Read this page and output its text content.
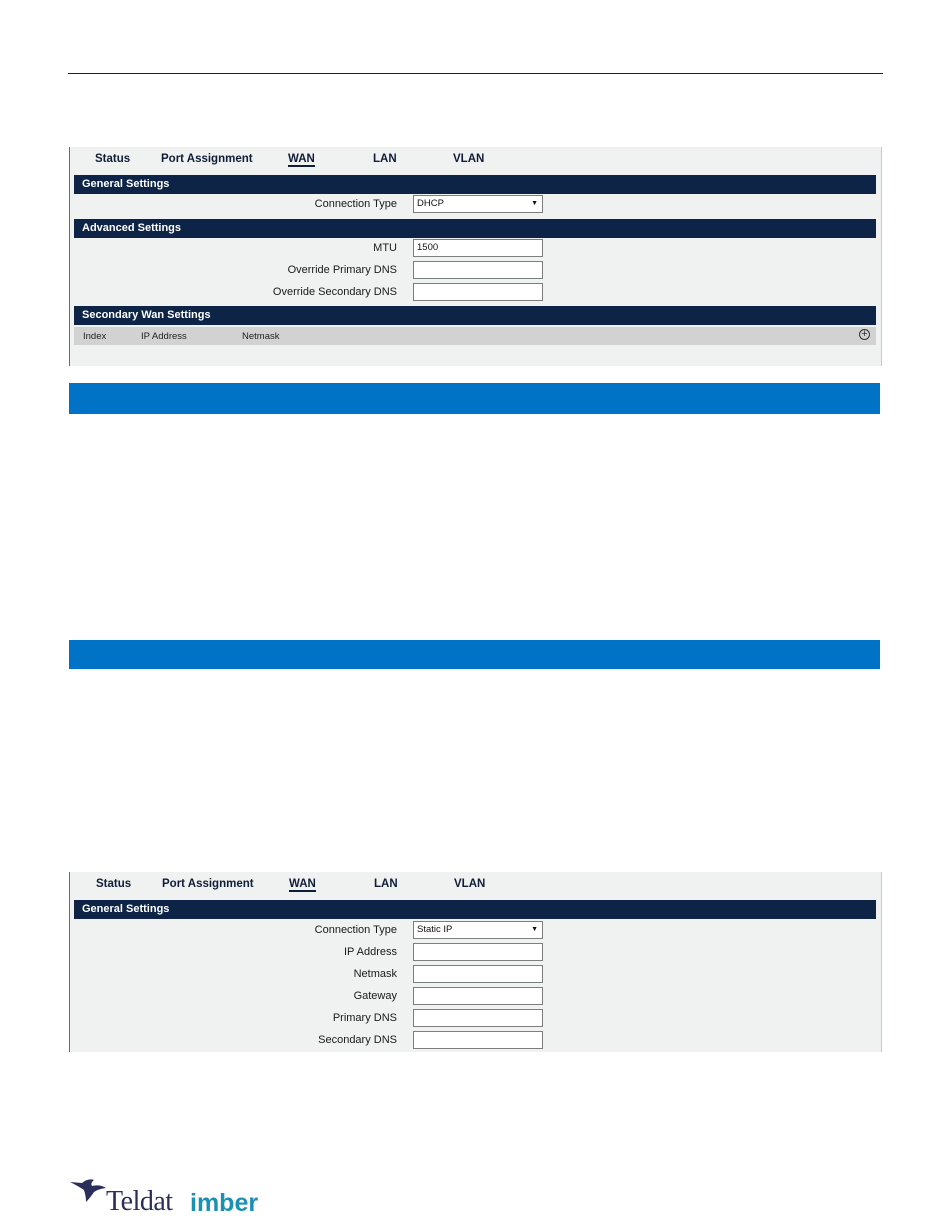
Status	Port Assignment	WAN	LAN	VLAN
General Settings
Connection Type	DHCP	▼
Advanced Settings
MTU	1500
Override Primary DNS
Override Secondary DNS
Secondary Wan Settings
Index	IP Address	Netmask	+
Status	Port Assignment	WAN	LAN	VLAN
General Settings
Connection Type	Static IP	▼
IP Address
Netmask
Gateway
Primary DNS
Secondary DNS
Teldat imber
